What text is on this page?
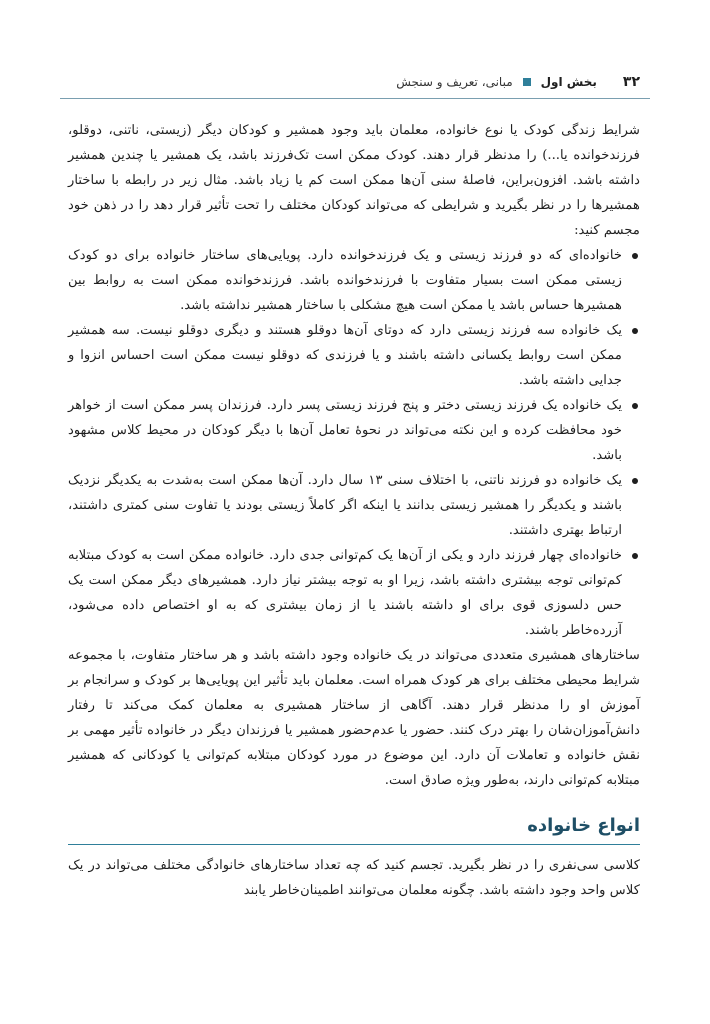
۳۲
بخش اول
مبانی، تعریف و سنجش

شرایط زندگی کودک یا نوع خانواده، معلمان باید وجود همشیر و کودکان دیگر (زیستی، ناتنی، دوقلو، فرزندخوانده یا...) را مدنظر قرار دهند. کودک ممکن است تک‌فرزند باشد، یک همشیر یا چندین همشیر داشته باشد. افزون‌براین، فاصلهٔ سنی آن‌ها ممکن است کم یا زیاد باشد. مثال زیر در رابطه با ساختار همشیرها را در نظر بگیرید و شرایطی که می‌تواند کودکان مختلف را تحت تأثیر قرار دهد را در ذهن خود مجسم کنید:

خانواده‌ای که دو فرزند زیستی و یک فرزندخوانده دارد. پویایی‌های ساختار خانواده برای دو کودک زیستی ممکن است بسیار متفاوت با فرزندخوانده باشد. فرزندخوانده ممکن است به روابط بین همشیرها حساس باشد یا ممکن است هیچ مشکلی با ساختار همشیر نداشته باشد.
یک خانواده سه فرزند زیستی دارد که دوتای آن‌ها دوقلو هستند و دیگری دوقلو نیست. سه همشیر ممکن است روابط یکسانی داشته باشند و یا فرزندی که دوقلو نیست ممکن است احساس انزوا و جدایی داشته باشد.
یک خانواده یک فرزند زیستی دختر و پنج فرزند زیستی پسر دارد. فرزندان پسر ممکن است از خواهر خود محافظت کرده و این نکته می‌تواند در نحوهٔ تعامل آن‌ها با دیگر کودکان در محیط کلاس مشهود باشد.
یک خانواده دو فرزند ناتنی، با اختلاف سنی ۱۳ سال دارد. آن‌ها ممکن است به‌شدت به یکدیگر نزدیک باشند و یکدیگر را همشیر زیستی بدانند یا اینکه اگر کاملاً زیستی بودند یا تفاوت سنی کمتری داشتند، ارتباط بهتری داشتند.
خانواده‌ای چهار فرزند دارد و یکی از آن‌ها یک کم‌توانی جدی دارد. خانواده ممکن است به کودک مبتلابه کم‌توانی توجه بیشتری داشته باشد، زیرا او به توجه بیشتر نیاز دارد. همشیرهای دیگر ممکن است یک حس دلسوزی قوی برای او داشته باشند یا از زمان بیشتری که به او اختصاص داده می‌شود، آزرده‌خاطر باشند.

ساختارهای همشیری متعددی می‌تواند در یک خانواده وجود داشته باشد و هر ساختار متفاوت، با مجموعه شرایط محیطی مختلف برای هر کودک همراه است. معلمان باید تأثیر این پویایی‌ها بر کودک و سرانجام بر آموزش او را مدنظر قرار دهند. آگاهی از ساختار همشیری به معلمان کمک می‌کند تا رفتار دانش‌آموزان‌شان را بهتر درک کنند. حضور یا عدم‌حضور همشیر یا فرزندان دیگر در خانواده تأثیر مهمی بر نقش خانواده و تعاملات آن دارد. این موضوع در مورد کودکان مبتلابه کم‌توانی یا کودکانی که همشیر مبتلابه کم‌توانی دارند، به‌طور ویژه صادق است.

انواع خانواده

کلاسی سی‌نفری را در نظر بگیرید. تجسم کنید که چه تعداد ساختارهای خانوادگی مختلف می‌تواند در یک کلاس واحد وجود داشته باشد. چگونه معلمان می‌توانند اطمینان‌خاطر یابند
